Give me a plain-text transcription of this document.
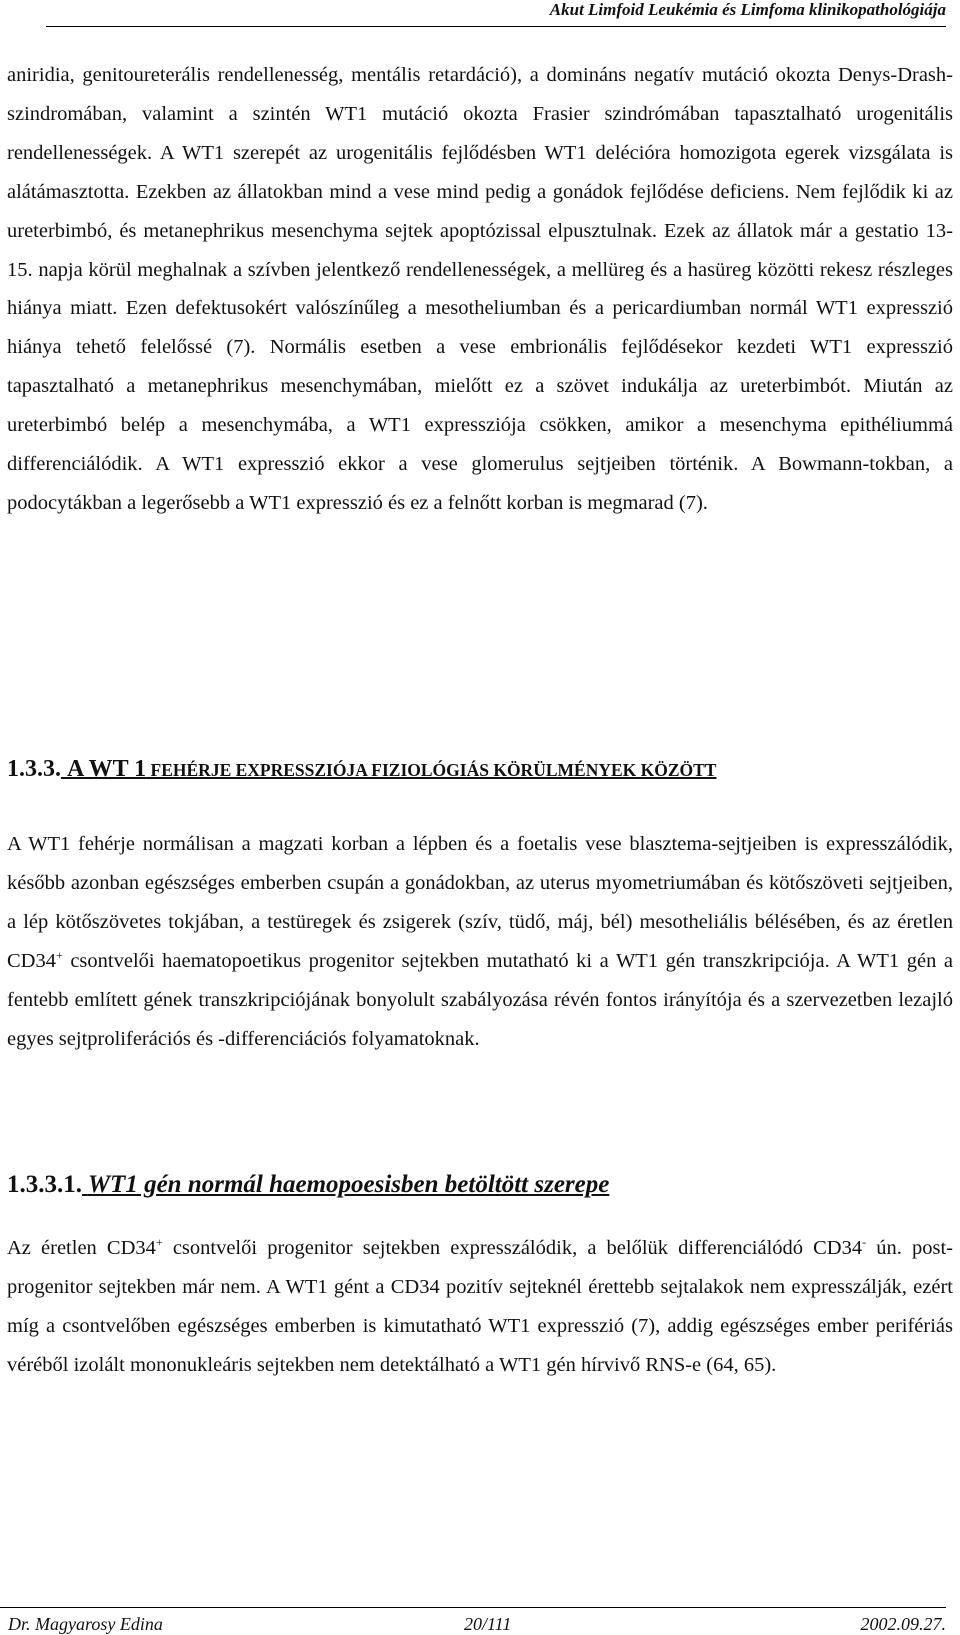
Akut Limfoid Leukémia és Limfoma klinikopathológiája

aniridia, genitoureterális rendellenesség, mentális retardáció), a domináns negatív mutáció okozta Denys-Drash-szindromában, valamint a szintén WT1 mutáció okozta Frasier szindrómában tapasztalható urogenitális rendellenességek. A WT1 szerepét az urogenitális fejlődésben WT1 delécióra homozigota egerek vizsgálata is alátámasztotta. Ezekben az állatokban mind a vese mind pedig a gonádok fejlődése deficiens. Nem fejlődik ki az ureterbimbó, és metanephrikus mesenchyma sejtek apoptózissal elpusztulnak. Ezek az állatok már a gestatio 13-15. napja körül meghalnak a szívben jelentkező rendellenességek, a mellüreg és a hasüreg közötti rekesz részleges hiánya miatt. Ezen defektusokért valószínűleg a mesotheliumban és a pericardiumban normál WT1 expresszió hiánya tehető felelőssé (7). Normális esetben a vese embrionális fejlődésekor kezdeti WT1 expresszió tapasztalható a metanephrikus mesenchymában, mielőtt ez a szövet indukálja az ureterbimbót. Miután az ureterbimbó belép a mesenchymába, a WT1 expressziója csökken, amikor a mesenchyma epithéliummá differenciálódik. A WT1 expresszió ekkor a vese glomerulus sejtjeiben történik. A Bowmann-tokban, a podocytákban a legerősebb a WT1 expresszió és ez a felnőtt korban is megmarad (7).

1.3.3. A WT 1 FEHÉRJE EXPRESSZIÓJA FIZIOLÓGIÁS KÖRÜLMÉNYEK KÖZÖTT

A WT1 fehérje normálisan a magzati korban a lépben és a foetalis vese blasztema-sejtjeiben is expresszálódik, később azonban egészséges emberben csupán a gonádokban, az uterus myometriumában és kötőszöveti sejtjeiben, a lép kötőszövetes tokjában, a testüregek és zsigerek (szív, tüdő, máj, bél) mesotheliális bélésében, és az éretlen CD34+ csontvelői haematopoetikus progenitor sejtekben mutatható ki a WT1 gén transzkripciója. A WT1 gén a fentebb említett gének transzkripciójának bonyolult szabályozása révén fontos irányítója és a szervezetben lezajló egyes sejtproliferációs és -differenciációs folyamatoknak.

1.3.3.1. WT1 gén normál haemopoesisben betöltött szerepe

Az éretlen CD34+ csontvelői progenitor sejtekben expresszálódik, a belőlük differenciálódó CD34- ún. post-progenitor sejtekben már nem. A WT1 gént a CD34 pozitív sejteknél érettebb sejtalakok nem expresszálják, ezért míg a csontvelőben egészséges emberben is kimutatható WT1 expresszió (7), addig egészséges ember perifériás véréből izolált mononukleáris sejtekben nem detektálható a WT1 gén hírvivő RNS-e (64, 65).

Dr. Magyarosy Edina	20/111	2002.09.27.
